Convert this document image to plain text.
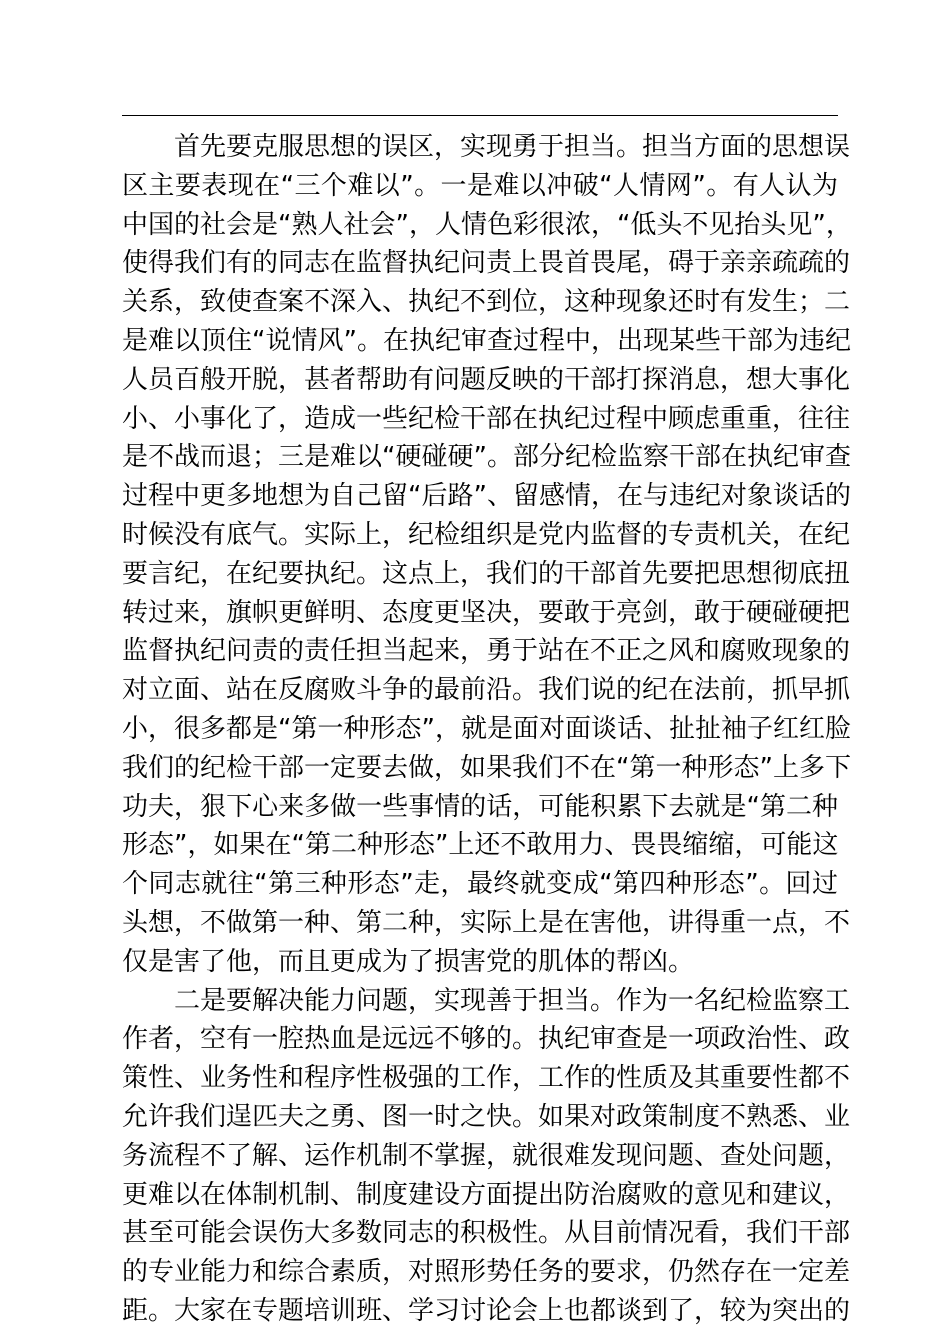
首先要克服思想的误区，实现勇于担当。担当方面的思想误
区主要表现在“三个难以”。一是难以冲破“人情网”。有人认为
中国的社会是“熟人社会”，人情色彩很浓，“低头不见抬头见”，
使得我们有的同志在监督执纪问责上畏首畏尾，碍于亲亲疏疏的
关系，致使查案不深入、执纪不到位，这种现象还时有发生；二
是难以顶住“说情风”。在执纪审查过程中，出现某些干部为违纪
人员百般开脱，甚者帮助有问题反映的干部打探消息，想大事化
小、小事化了，造成一些纪检干部在执纪过程中顾虑重重，往往
是不战而退；三是难以“硬碰硬”。部分纪检监察干部在执纪审查
过程中更多地想为自己留“后路”、留感情，在与违纪对象谈话的
时候没有底气。实际上，纪检组织是党内监督的专责机关，在纪
要言纪，在纪要执纪。这点上，我们的干部首先要把思想彻底扭
转过来，旗帜更鲜明、态度更坚决，要敢于亮剑，敢于硬碰硬把
监督执纪问责的责任担当起来，勇于站在不正之风和腐败现象的
对立面、站在反腐败斗争的最前沿。我们说的纪在法前，抓早抓
小，很多都是“第一种形态”，就是面对面谈话、扯扯袖子红红脸
我们的纪检干部一定要去做，如果我们不在“第一种形态”上多下
功夫，狠下心来多做一些事情的话，可能积累下去就是“第二种
形态”，如果在“第二种形态”上还不敢用力、畏畏缩缩，可能这
个同志就往“第三种形态”走，最终就变成“第四种形态”。回过
头想，不做第一种、第二种，实际上是在害他，讲得重一点，不
仅是害了他，而且更成为了损害党的肌体的帮凶。
二是要解决能力问题，实现善于担当。作为一名纪检监察工
作者，空有一腔热血是远远不够的。执纪审查是一项政治性、政
策性、业务性和程序性极强的工作，工作的性质及其重要性都不
允许我们逞匹夫之勇、图一时之快。如果对政策制度不熟悉、业
务流程不了解、运作机制不掌握，就很难发现问题、查处问题，
更难以在体制机制、制度建设方面提出防治腐败的意见和建议，
甚至可能会误伤大多数同志的积极性。从目前情况看，我们干部
的专业能力和综合素质，对照形势任务的要求，仍然存在一定差
距。大家在专题培训班、学习讨论会上也都谈到了，较为突出的
